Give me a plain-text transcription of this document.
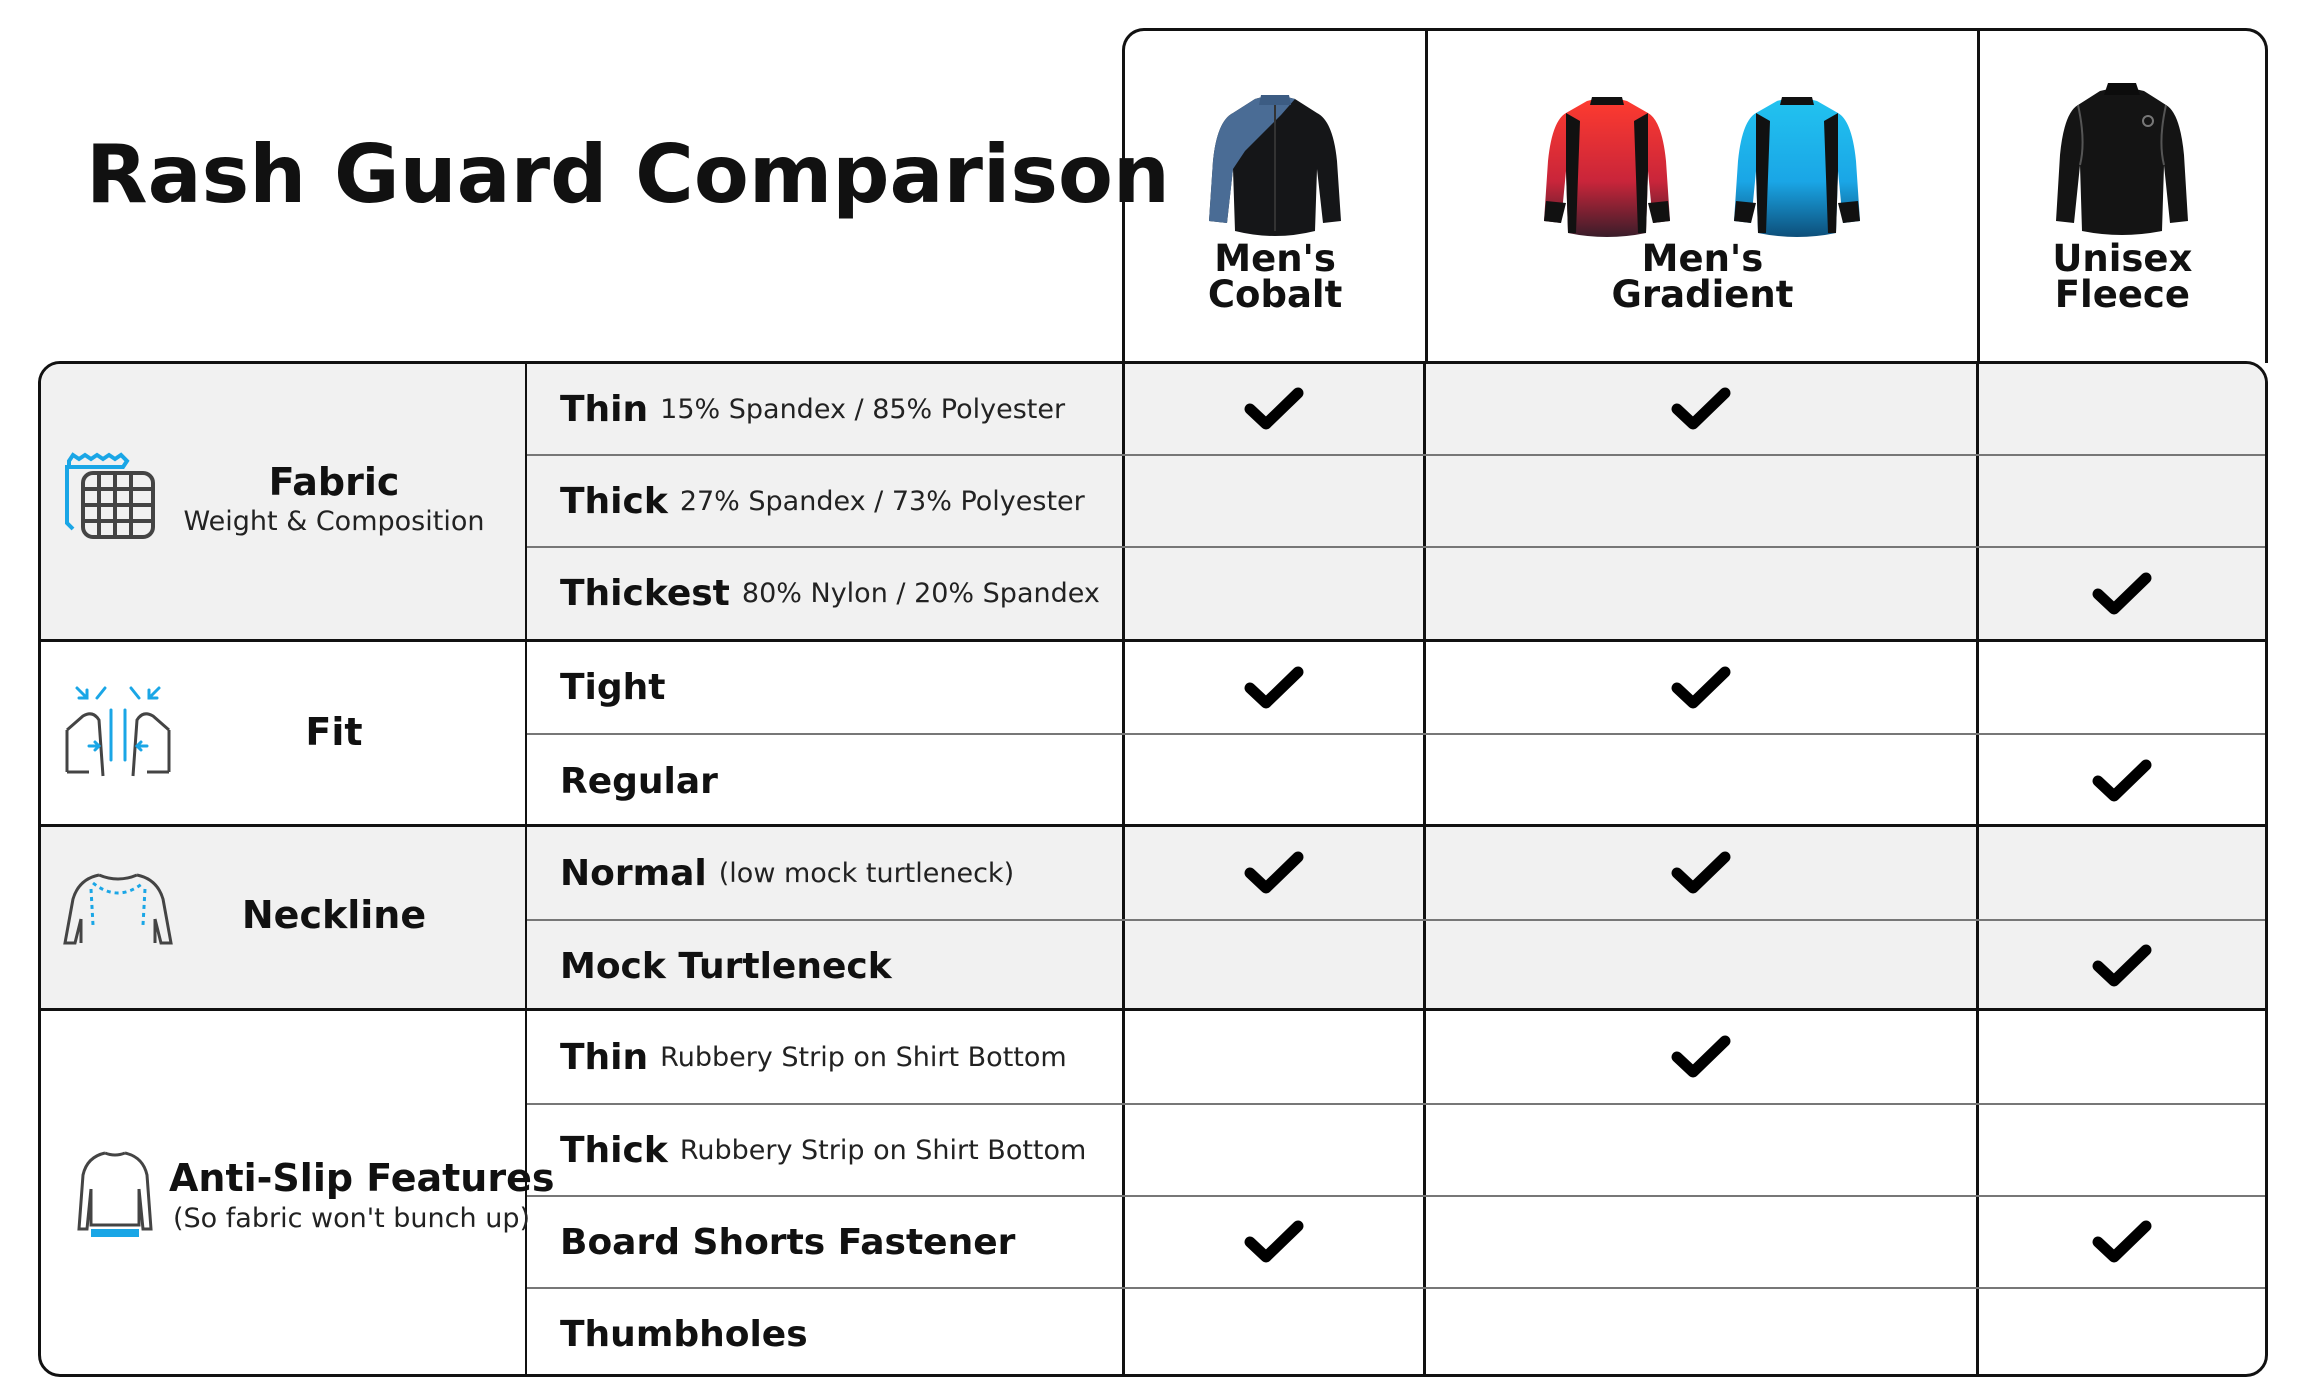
Rash Guard Comparison
Men's
Cobalt
Men's
Gradient
Unisex
Fleece
Fabric
Weight & Composition
Thin 15% Spandex / 85% Polyester
Thick 27% Spandex / 73% Polyester
Thickest 80% Nylon / 20% Spandex
Fit
Tight
Regular
Neckline
Normal (low mock turtleneck)
Mock Turtleneck
Anti-Slip Features
(So fabric won't bunch up)
Thin Rubbery Strip on Shirt Bottom
Thick Rubbery Strip on Shirt Bottom
Board Shorts Fastener
Thumbholes
